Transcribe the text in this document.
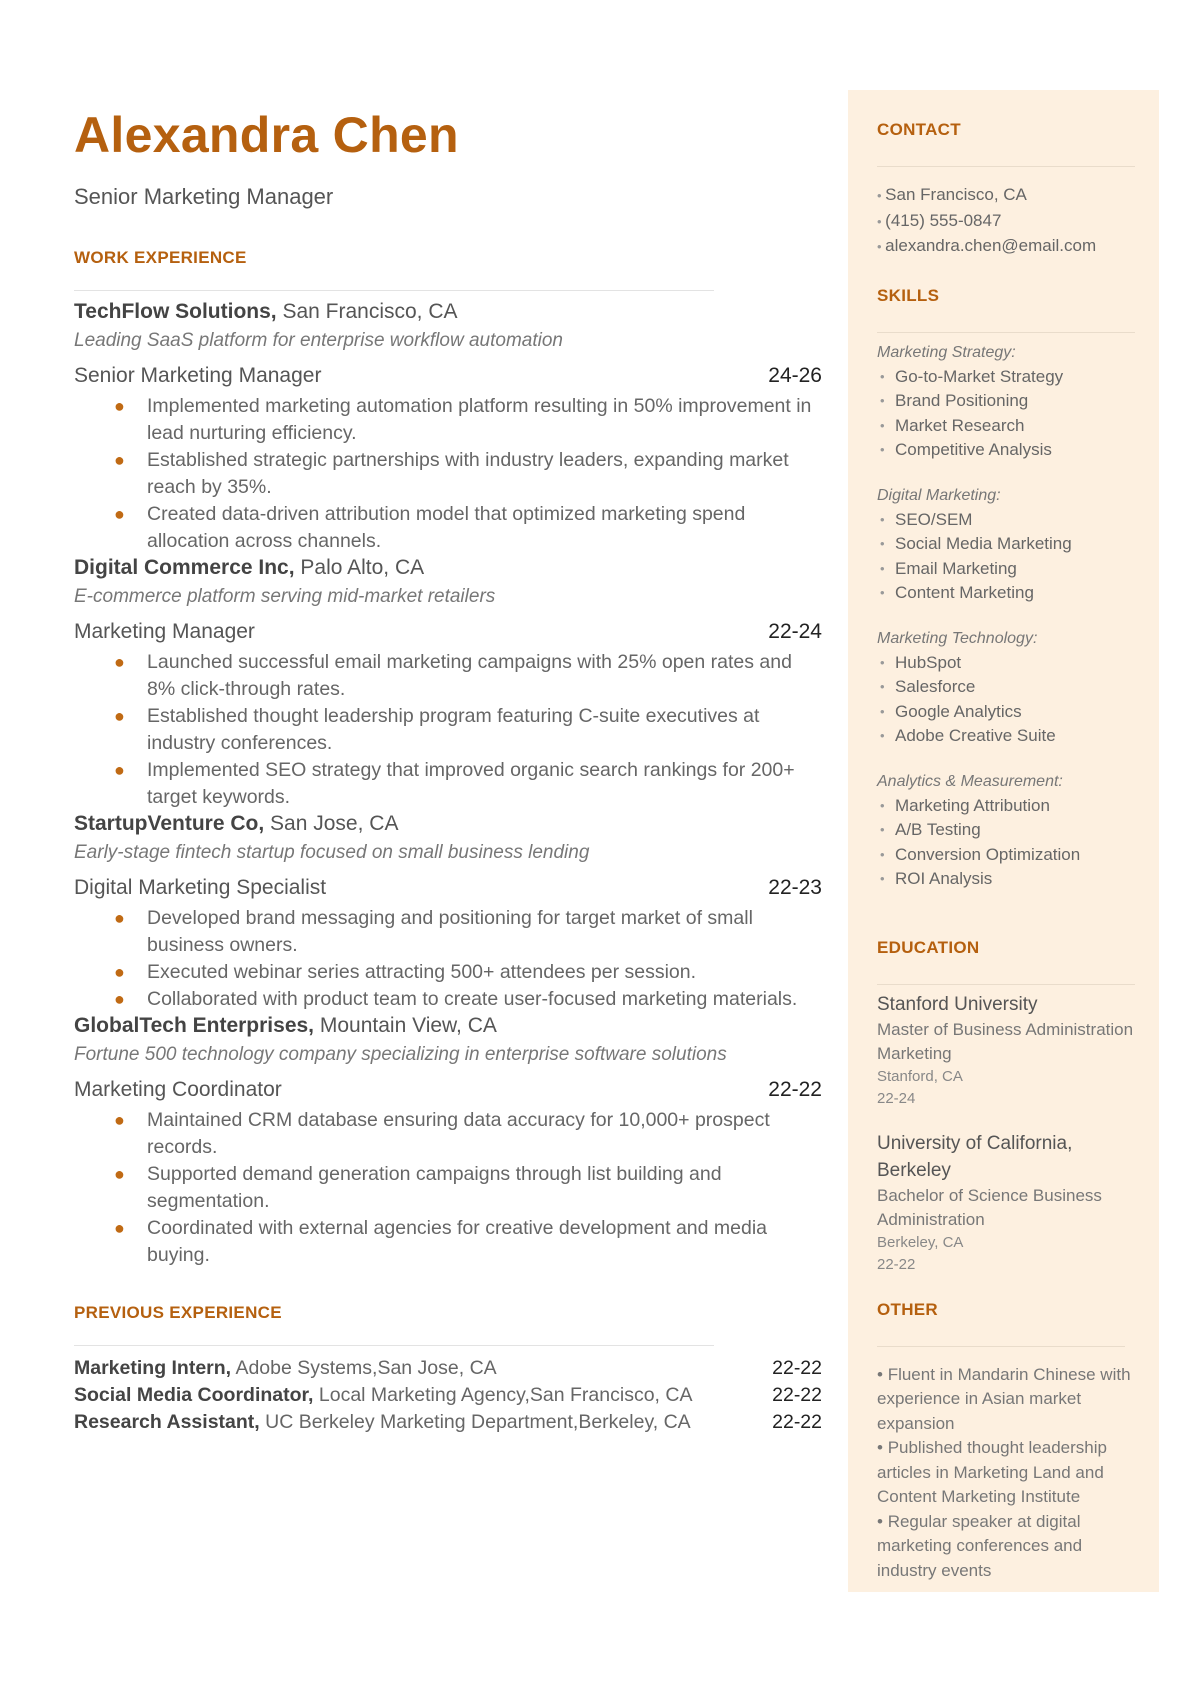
Alexandra Chen
Senior Marketing Manager
WORK EXPERIENCE
TechFlow Solutions, San Francisco, CA
Leading SaaS platform for enterprise workflow automation
Senior Marketing Manager	24-26
● Implemented marketing automation platform resulting in 50% improvement in lead nurturing efficiency.
● Established strategic partnerships with industry leaders, expanding market reach by 35%.
● Created data-driven attribution model that optimized marketing spend allocation across channels.
Digital Commerce Inc, Palo Alto, CA
E-commerce platform serving mid-market retailers
Marketing Manager	22-24
● Launched successful email marketing campaigns with 25% open rates and 8% click-through rates.
● Established thought leadership program featuring C-suite executives at industry conferences.
● Implemented SEO strategy that improved organic search rankings for 200+ target keywords.
StartupVenture Co, San Jose, CA
Early-stage fintech startup focused on small business lending
Digital Marketing Specialist	22-23
● Developed brand messaging and positioning for target market of small business owners.
● Executed webinar series attracting 500+ attendees per session.
● Collaborated with product team to create user-focused marketing materials.
GlobalTech Enterprises, Mountain View, CA
Fortune 500 technology company specializing in enterprise software solutions
Marketing Coordinator	22-22
● Maintained CRM database ensuring data accuracy for 10,000+ prospect records.
● Supported demand generation campaigns through list building and segmentation.
● Coordinated with external agencies for creative development and media buying.
PREVIOUS EXPERIENCE
Marketing Intern, Adobe Systems,San Jose, CA	22-22
Social Media Coordinator, Local Marketing Agency,San Francisco, CA	22-22
Research Assistant, UC Berkeley Marketing Department,Berkeley, CA	22-22
CONTACT
• San Francisco, CA
• (415) 555-0847
• alexandra.chen@email.com
SKILLS
Marketing Strategy:
• Go-to-Market Strategy
• Brand Positioning
• Market Research
• Competitive Analysis
Digital Marketing:
• SEO/SEM
• Social Media Marketing
• Email Marketing
• Content Marketing
Marketing Technology:
• HubSpot
• Salesforce
• Google Analytics
• Adobe Creative Suite
Analytics & Measurement:
• Marketing Attribution
• A/B Testing
• Conversion Optimization
• ROI Analysis
EDUCATION
Stanford University
Master of Business Administration Marketing
Stanford, CA
22-24
University of California, Berkeley
Bachelor of Science Business Administration
Berkeley, CA
22-22
OTHER
• Fluent in Mandarin Chinese with experience in Asian market expansion
• Published thought leadership articles in Marketing Land and Content Marketing Institute
• Regular speaker at digital marketing conferences and industry events
